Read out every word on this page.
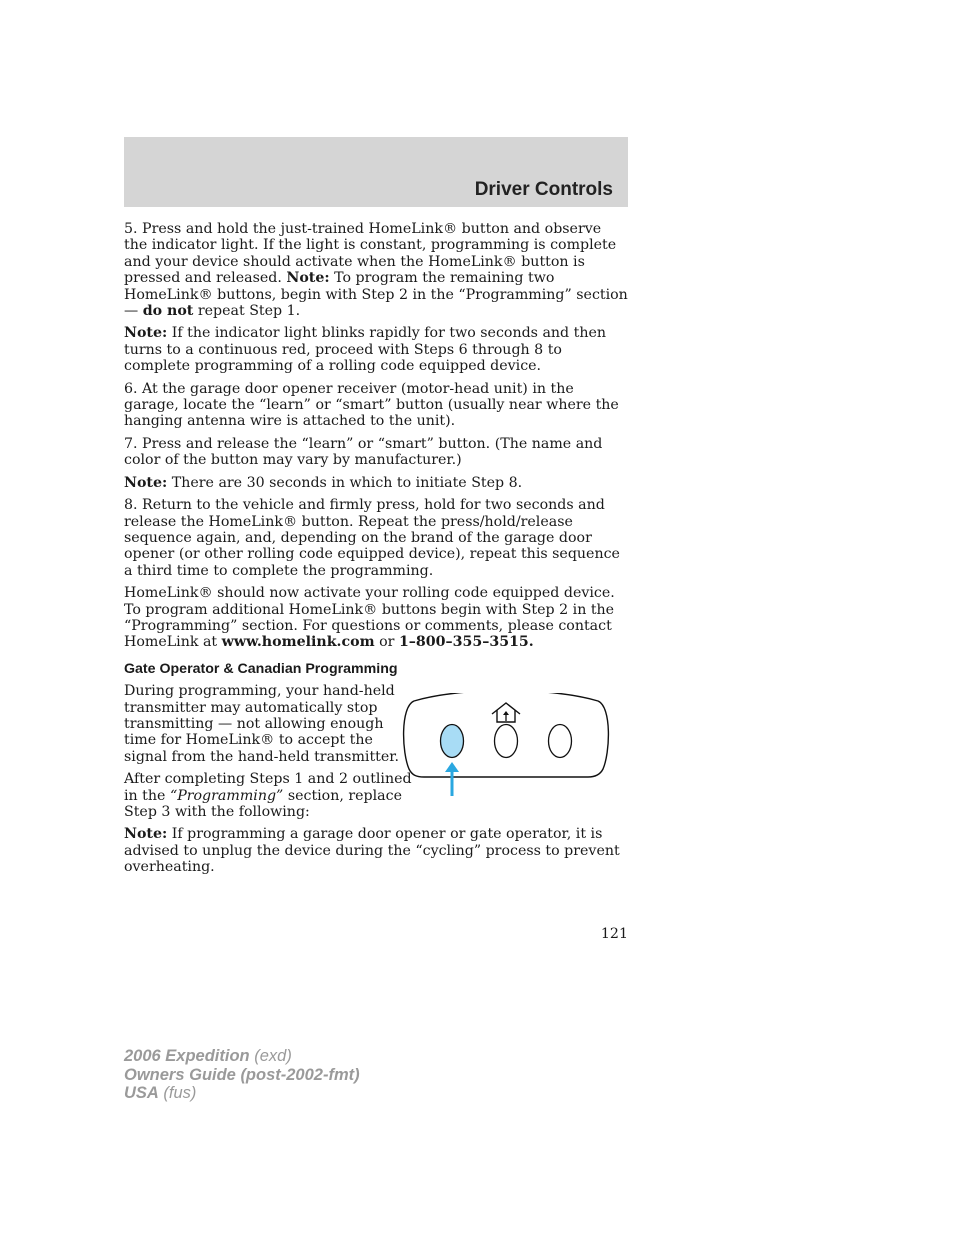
Driver Controls

5. Press and hold the just-trained HomeLink® button and observe the indicator light. If the light is constant, programming is complete and your device should activate when the HomeLink® button is pressed and released. Note: To program the remaining two HomeLink® buttons, begin with Step 2 in the “Programming” section — do not repeat Step 1.

Note: If the indicator light blinks rapidly for two seconds and then turns to a continuous red, proceed with Steps 6 through 8 to complete programming of a rolling code equipped device.

6. At the garage door opener receiver (motor-head unit) in the garage, locate the “learn” or “smart” button (usually near where the hanging antenna wire is attached to the unit).

7. Press and release the “learn” or “smart” button. (The name and color of the button may vary by manufacturer.)

Note: There are 30 seconds in which to initiate Step 8.

8. Return to the vehicle and firmly press, hold for two seconds and release the HomeLink® button. Repeat the press/hold/release sequence again, and, depending on the brand of the garage door opener (or other rolling code equipped device), repeat this sequence a third time to complete the programming.

HomeLink® should now activate your rolling code equipped device. To program additional HomeLink® buttons begin with Step 2 in the “Programming” section. For questions or comments, please contact HomeLink at www.homelink.com or 1–800–355–3515.

Gate Operator & Canadian Programming

During programming, your hand-held transmitter may automatically stop transmitting — not allowing enough time for HomeLink® to accept the signal from the hand-held transmitter.

After completing Steps 1 and 2 outlined in the “Programming” section, replace Step 3 with the following:

Note: If programming a garage door opener or gate operator, it is advised to unplug the device during the “cycling” process to prevent overheating.

121
2006 Expedition (exd)
Owners Guide (post-2002-fmt)
USA (fus)
